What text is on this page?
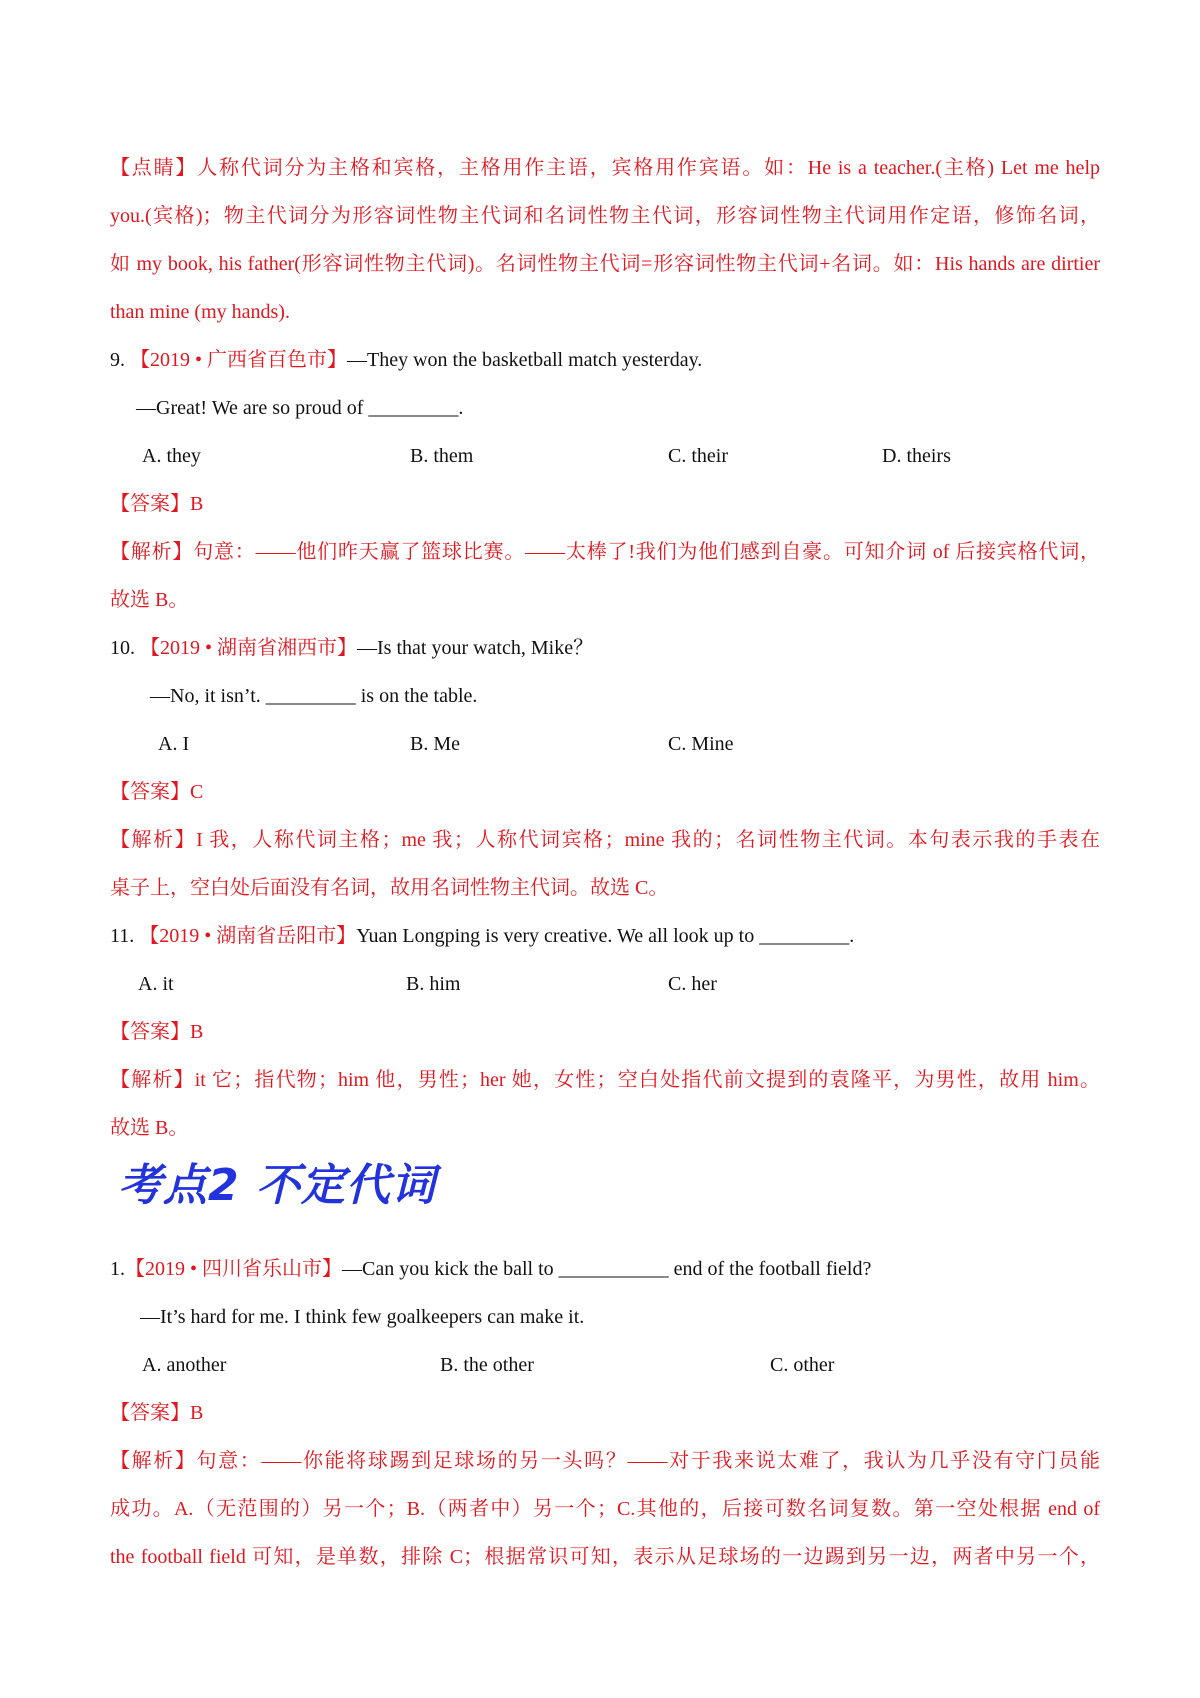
【点睛】人称代词分为主格和宾格，主格用作主语，宾格用作宾语。如：He is a teacher.(主格) Let me help
you.(宾格)；物主代词分为形容词性物主代词和名词性物主代词，形容词性物主代词用作定语，修饰名词，
如 my book, his father(形容词性物主代词)。名词性物主代词=形容词性物主代词+名词。如：His hands are dirtier
than mine (my hands).
9. 【2019 • 广西省百色市】—They won the basketball match yesterday.
—Great! We are so proud of _________.
A. they	B. them	C. their	D. theirs
【答案】B
【解析】句意：——他们昨天赢了篮球比赛。——太棒了!我们为他们感到自豪。可知介词 of 后接宾格代词，
故选 B。
10. 【2019 • 湖南省湘西市】—Is that your watch, Mike？
—No, it isn’t. _________ is on the table.
A. I	B. Me	C. Mine
【答案】C
【解析】I 我，人称代词主格；me 我；人称代词宾格；mine 我的；名词性物主代词。本句表示我的手表在
桌子上，空白处后面没有名词，故用名词性物主代词。故选 C。
11. 【2019 • 湖南省岳阳市】Yuan Longping is very creative. We all look up to _________.
A. it	B. him	C. her
【答案】B
【解析】it 它；指代物；him 他，男性；her 她，女性；空白处指代前文提到的袁隆平，为男性，故用 him。
故选 B。
考点2 不定代词
1.【2019 • 四川省乐山市】—Can you kick the ball to ___________ end of the football field?
—It’s hard for me. I think few goalkeepers can make it.
A. another	B. the other	C. other
【答案】B
【解析】句意：——你能将球踢到足球场的另一头吗？——对于我来说太难了，我认为几乎没有守门员能
成功。A.（无范围的）另一个；B.（两者中）另一个；C.其他的，后接可数名词复数。第一空处根据 end of
the football field 可知，是单数，排除 C；根据常识可知，表示从足球场的一边踢到另一边，两者中另一个，
